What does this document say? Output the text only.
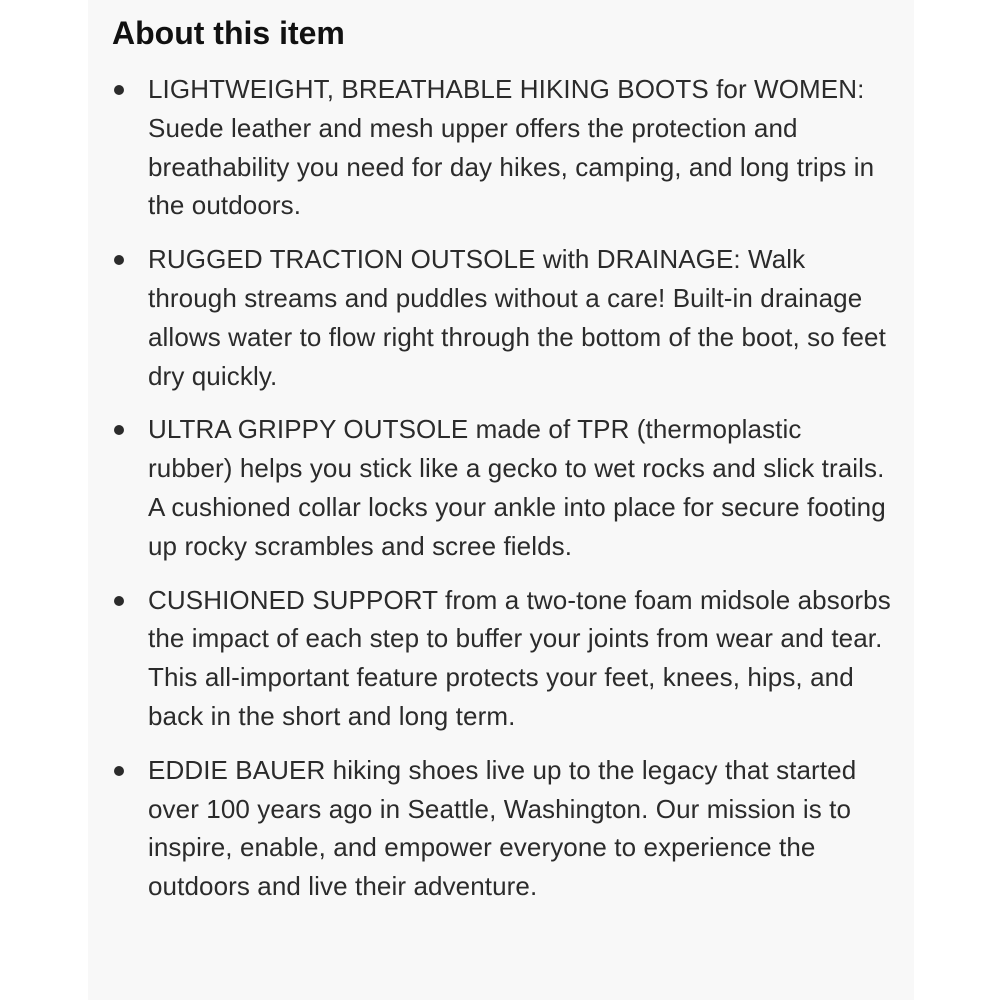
About this item
LIGHTWEIGHT, BREATHABLE HIKING BOOTS for WOMEN: Suede leather and mesh upper offers the protection and breathability you need for day hikes, camping, and long trips in the outdoors.
RUGGED TRACTION OUTSOLE with DRAINAGE: Walk through streams and puddles without a care! Built-in drainage allows water to flow right through the bottom of the boot, so feet dry quickly.
ULTRA GRIPPY OUTSOLE made of TPR (thermoplastic rubber) helps you stick like a gecko to wet rocks and slick trails. A cushioned collar locks your ankle into place for secure footing up rocky scrambles and scree fields.
CUSHIONED SUPPORT from a two-tone foam midsole absorbs the impact of each step to buffer your joints from wear and tear. This all-important feature protects your feet, knees, hips, and back in the short and long term.
EDDIE BAUER hiking shoes live up to the legacy that started over 100 years ago in Seattle, Washington. Our mission is to inspire, enable, and empower everyone to experience the outdoors and live their adventure.
